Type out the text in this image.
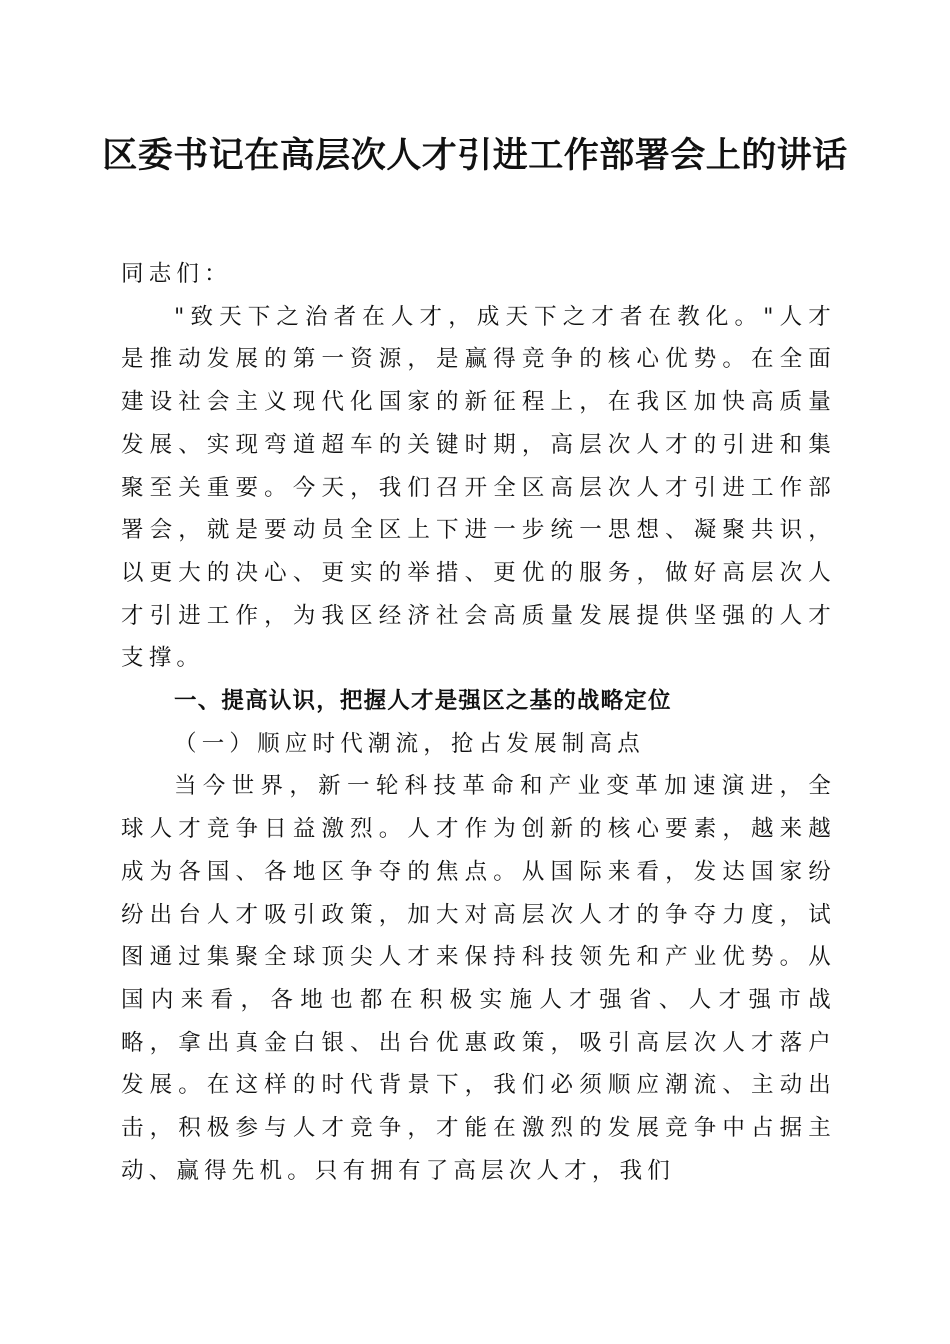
区委书记在高层次人才引进工作部署会上的讲话

同志们：

"致天下之治者在人才，成天下之才者在教化。"人才是推动发展的第一资源，是赢得竞争的核心优势。在全面建设社会主义现代化国家的新征程上，在我区加快高质量发展、实现弯道超车的关键时期，高层次人才的引进和集聚至关重要。今天，我们召开全区高层次人才引进工作部署会，就是要动员全区上下进一步统一思想、凝聚共识，以更大的决心、更实的举措、更优的服务，做好高层次人才引进工作，为我区经济社会高质量发展提供坚强的人才支撑。

一、提高认识，把握人才是强区之基的战略定位

（一）顺应时代潮流，抢占发展制高点

当今世界，新一轮科技革命和产业变革加速演进，全球人才竞争日益激烈。人才作为创新的核心要素，越来越成为各国、各地区争夺的焦点。从国际来看，发达国家纷纷出台人才吸引政策，加大对高层次人才的争夺力度，试图通过集聚全球顶尖人才来保持科技领先和产业优势。从国内来看，各地也都在积极实施人才强省、人才强市战略，拿出真金白银、出台优惠政策，吸引高层次人才落户发展。在这样的时代背景下，我们必须顺应潮流、主动出击，积极参与人才竞争，才能在激烈的发展竞争中占据主动、赢得先机。只有拥有了高层次人才，我们
